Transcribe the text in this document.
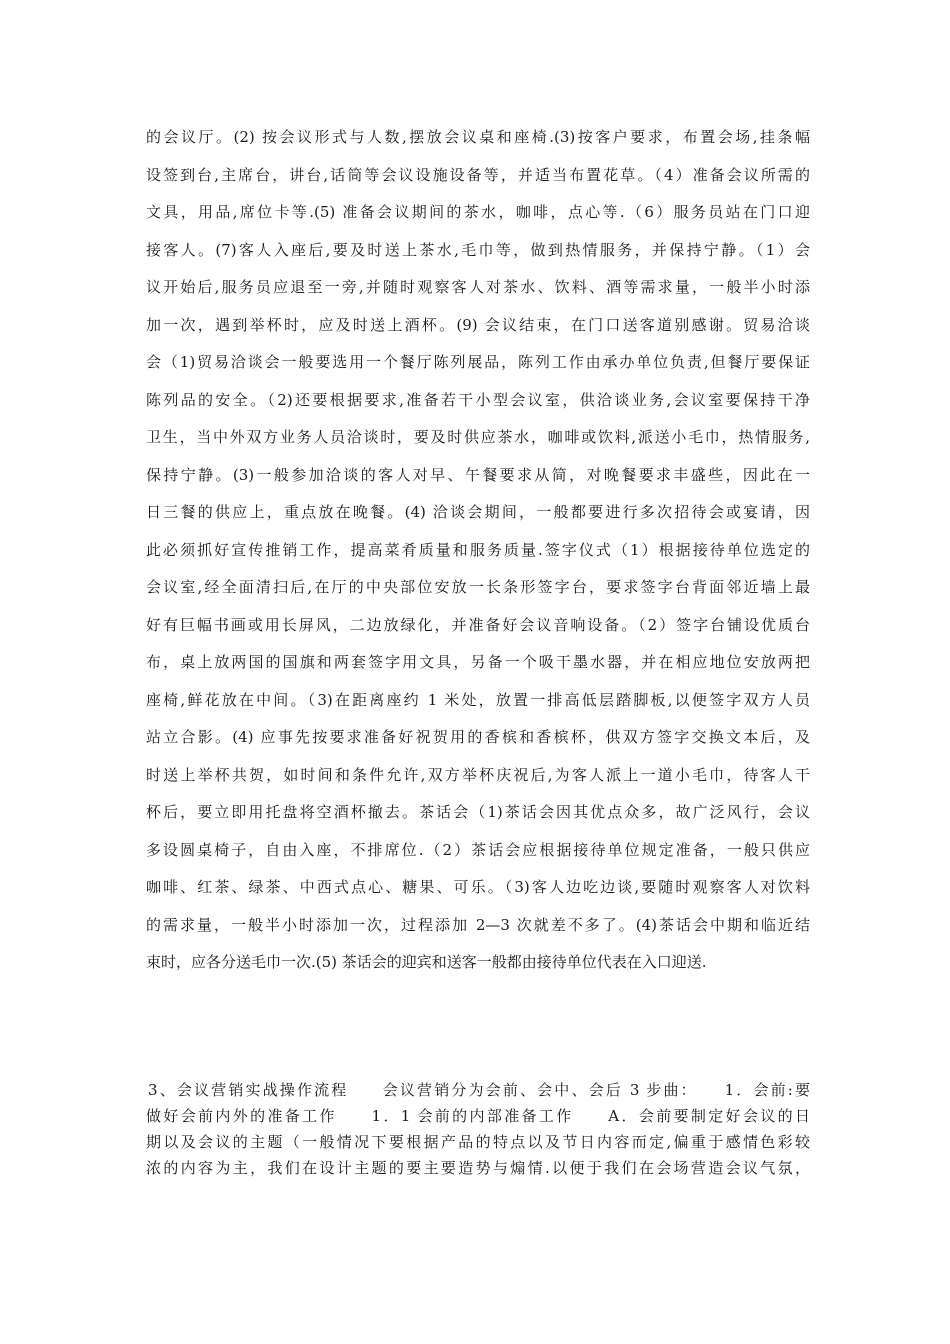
的会议厅。(2) 按会议形式与人数,摆放会议桌和座椅.(3)按客户要求，布置会场,挂条幅
设签到台,主席台，讲台,话筒等会议设施设备等，并适当布置花草。（4）准备会议所需的
文具，用品,席位卡等.(5) 准备会议期间的茶水，咖啡，点心等.（6）服务员站在门口迎
接客人。(7)客人入座后,要及时送上茶水,毛巾等，做到热情服务，并保持宁静。（1）会
议开始后,服务员应退至一旁,并随时观察客人对茶水、饮料、酒等需求量，一般半小时添
加一次，遇到举杯时，应及时送上酒杯。(9) 会议结束，在门口送客道别感谢。贸易洽谈
会（1)贸易洽谈会一般要选用一个餐厅陈列展品，陈列工作由承办单位负责,但餐厅要保证
陈列品的安全。（2)还要根据要求,准备若干小型会议室，供洽谈业务,会议室要保持干净
卫生，当中外双方业务人员洽谈时，要及时供应茶水，咖啡或饮料,派送小毛巾，热情服务,
保持宁静。(3)一般参加洽谈的客人对早、午餐要求从简，对晚餐要求丰盛些，因此在一
日三餐的供应上，重点放在晚餐。(4) 洽谈会期间，一般都要进行多次招待会或宴请，因
此必须抓好宣传推销工作，提高菜肴质量和服务质量.签字仪式（1）根据接待单位选定的
会议室,经全面清扫后,在厅的中央部位安放一长条形签字台，要求签字台背面邻近墙上最
好有巨幅书画或用长屏风，二边放绿化，并准备好会议音响设备。（2）签字台铺设优质台
布，桌上放两国的国旗和两套签字用文具，另备一个吸干墨水器，并在相应地位安放两把
座椅,鲜花放在中间。（3)在距离座约 1 米处，放置一排高低层踏脚板,以便签字双方人员
站立合影。(4) 应事先按要求准备好祝贺用的香槟和香槟杯，供双方签字交换文本后，及
时送上举杯共贺，如时间和条件允许,双方举杯庆祝后,为客人派上一道小毛巾，待客人干
杯后，要立即用托盘将空酒杯撤去。茶话会（1)茶话会因其优点众多，故广泛风行，会议
多设圆桌椅子，自由入座，不排席位.（2）茶话会应根据接待单位规定准备，一般只供应
咖啡、红茶、绿茶、中西式点心、糖果、可乐。（3)客人边吃边谈,要随时观察客人对饮料
的需求量，一般半小时添加一次，过程添加 2—3 次就差不多了。(4)茶话会中期和临近结
束时，应各分送毛巾一次.(5) 茶话会的迎宾和送客一般都由接待单位代表在入口迎送.
3、会议营销实战操作流程　　会议营销分为会前、会中、会后 3 步曲：　　1．会前:要
做好会前内外的准备工作　　1．1 会前的内部准备工作　　A．会前要制定好会议的日
期以及会议的主题（一般情况下要根据产品的特点以及节日内容而定,偏重于感情色彩较
浓的内容为主，我们在设计主题的要主要造势与煽情.以便于我们在会场营造会议气氛，
